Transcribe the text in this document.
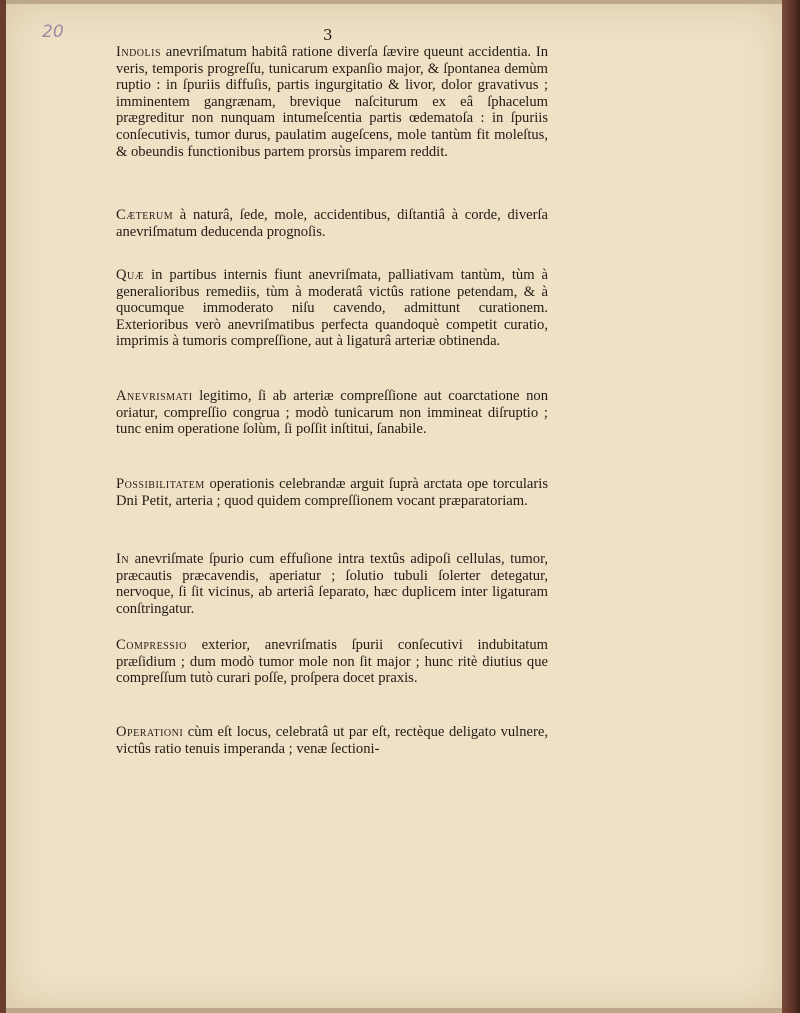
20	3

Indolis anevriſmatum habitâ ratione diverſa ſævire queunt accidentia. In veris, temporis progreſſu, tunicarum expanſio major, & ſpontanea demùm ruptio : in ſpuriis diffuſis, partis ingurgitatio & livor, dolor gravativus ; imminentem gangrænam, brevique naſciturum ex eâ ſphacelum prægreditur non nunquam intumeſcentia partis œdematoſa : in ſpuriis conſecutivis, tumor durus, paulatim augeſcens, mole tantùm fit moleſtus, & obeundis functionibus partem prorsùs imparem reddit.

Cæterum à naturâ, ſede, mole, accidentibus, diſtantiâ à corde, diverſa anevriſmatum deducenda prognoſis.

Quæ in partibus internis fiunt anevriſmata, palliativam tantùm, tùm à generalioribus remediis, tùm à moderatâ victûs ratione petendam, & à quocumque immoderato niſu cavendo, admittunt curationem. Exterioribus verò anevriſmatibus perfecta quandoquè competit curatio, imprimis à tumoris compreſſione, aut à ligaturâ arteriæ obtinenda.

Anevrismati legitimo, ſi ab arteriæ compreſſione aut coarctatione non oriatur, compreſſio congrua ; modò tunicarum non immineat diſruptio ; tunc enim operatione ſolùm, ſi poſſit inſtitui, ſanabile.

Possibilitatem operationis celebrandæ arguit ſuprà arctata ope torcularis Dni Petit, arteria ; quod quidem compreſſionem vocant præparatoriam.

In anevriſmate ſpurio cum effuſione intra textûs adipoſi cellulas, tumor, præcautis præcavendis, aperiatur ; ſolutio tubuli ſolerter detegatur, nervoque, ſi ſit vicinus, ab arteriâ ſeparato, hæc duplicem inter ligaturam conſtringatur.

Compressio exterior, anevriſmatis ſpurii conſecutivi indubitatum præſidium ; dum modò tumor mole non ſit major ; hunc ritè diutius que compreſſum tutò curari poſſe, proſpera docet praxis.

Operationi cùm eſt locus, celebratâ ut par eſt, rectèque deligato vulnere, victûs ratio tenuis imperanda ; venæ ſectioni-
